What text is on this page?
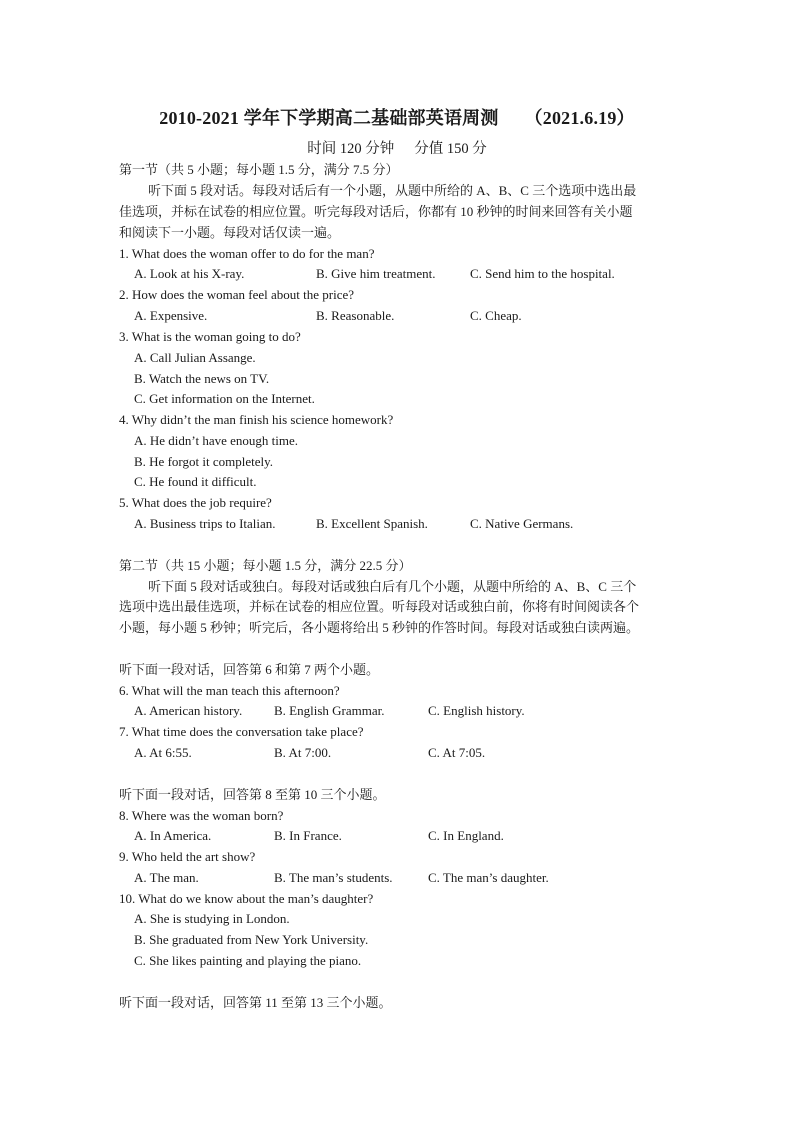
2010-2021 学年下学期高二基础部英语周测 （2021.6.19）
时间 120 分钟 分值 150 分
第一节（共 5 小题；每小题 1.5 分，满分 7.5 分）
听下面 5 段对话。每段对话后有一个小题，从题中所给的 A、B、C 三个选项中选出最
佳选项，并标在试卷的相应位置。听完每段对话后，你都有 10 秒钟的时间来回答有关小题
和阅读下一小题。每段对话仅读一遍。
1. What does the woman offer to do for the man?
A. Look at his X-ray.	B. Give him treatment.	C. Send him to the hospital.
2. How does the woman feel about the price?
A. Expensive.	B. Reasonable.	C. Cheap.
3. What is the woman going to do?
A. Call Julian Assange.
B. Watch the news on TV.
C. Get information on the Internet.
4. Why didn’t the man finish his science homework?
A. He didn’t have enough time.
B. He forgot it completely.
C. He found it difficult.
5. What does the job require?
A. Business trips to Italian.	B. Excellent Spanish.	C. Native Germans.
第二节（共 15 小题；每小题 1.5 分，满分 22.5 分）
听下面 5 段对话或独白。每段对话或独白后有几个小题，从题中所给的 A、B、C 三个
选项中选出最佳选项，并标在试卷的相应位置。听每段对话或独白前，你将有时间阅读各个
小题，每小题 5 秒钟；听完后，各小题将给出 5 秒钟的作答时间。每段对话或独白读两遍。
听下面一段对话，回答第 6 和第 7 两个小题。
6. What will the man teach this afternoon?
A. American history. B. English Grammar.	C. English history.
7. What time does the conversation take place?
A. At 6:55.	B. At 7:00.	C. At 7:05.
听下面一段对话，回答第 8 至第 10 三个小题。
8. Where was the woman born?
A. In America.	B. In France.	C. In England.
9. Who held the art show?
A. The man.	B. The man’s students.	C. The man’s daughter.
10. What do we know about the man’s daughter?
A. She is studying in London.
B. She graduated from New York University.
C. She likes painting and playing the piano.
听下面一段对话，回答第 11 至第 13 三个小题。
